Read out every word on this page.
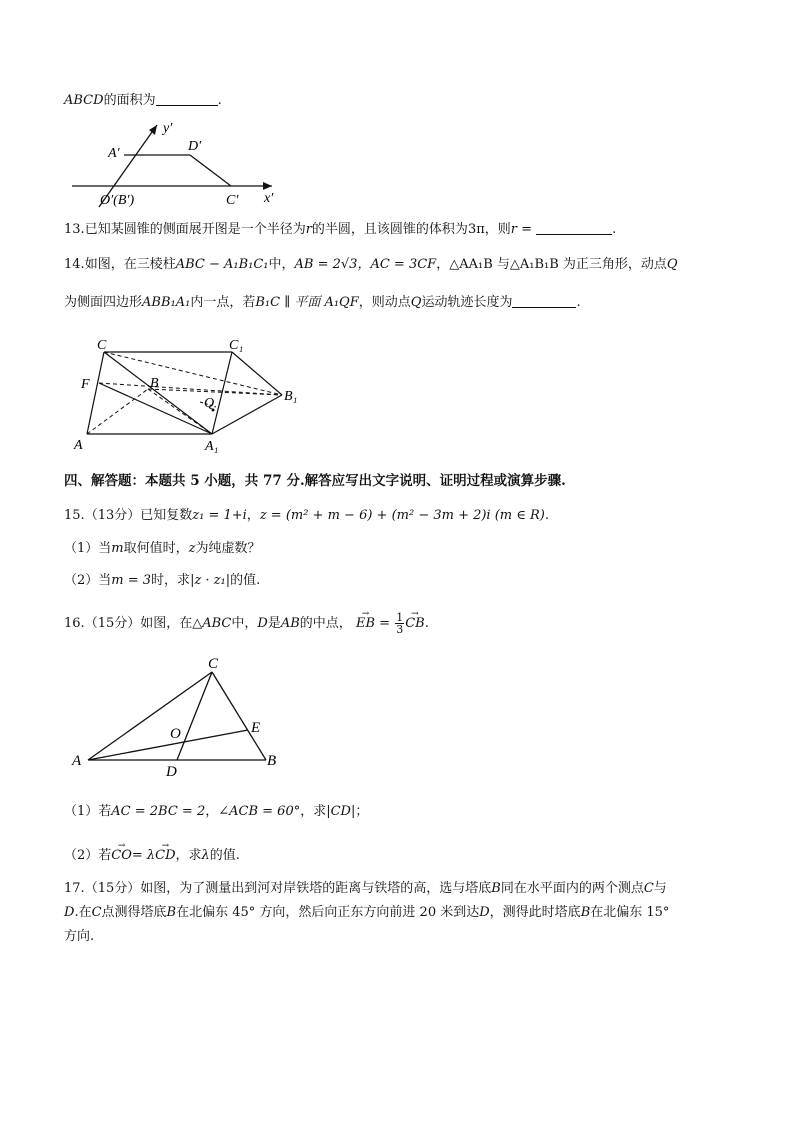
ABCD的面积为	.
y′
x′
A′	D′
O′(B′)	C′
13.已知某圆锥的侧面展开图是一个半径为r的半圆，且该圆锥的体积为3π，则r =	.
14.如图，在三棱柱ABC − A₁B₁C₁中，AB = 2√3，AC = 3CF，△AA₁B 与△A₁B₁B 为正三角形，动点Q
为侧面四边形ABB₁A₁内一点，若B₁C ∥ 平面 A₁QF，则动点Q运动轨迹长度为	.
C	C₁
F	B
Q	B₁
A	A₁
四、解答题：本题共 5 小题，共 77 分.解答应写出文字说明、证明过程或演算步骤.
15.（13分）已知复数z₁ = 1+i，z = (m² + m − 6) + (m² − 3m + 2)i (m ∈ R).
（1）当m取何值时，z为纯虚数？
（2）当m = 3时，求|z · z₁|的值.
16.（15分）如图，在△ABC中，D是AB的中点， → EB = $\frac{1}{3}$ → CB.
C
E
O
A
D
B
（1）若AC = 2BC = 2，∠ACB = 60°，求|CD|；
（2）若→ CO= λ→ CD，求λ的值.
17.（15分）如图，为了测量出到河对岸铁塔的距离与铁塔的高，选与塔底B同在水平面内的两个测点C与
D.在C点测得塔底B在北偏东 45° 方向，然后向正东方向前进 20 米到达D，测得此时塔底B在北偏东 15°
方向.
